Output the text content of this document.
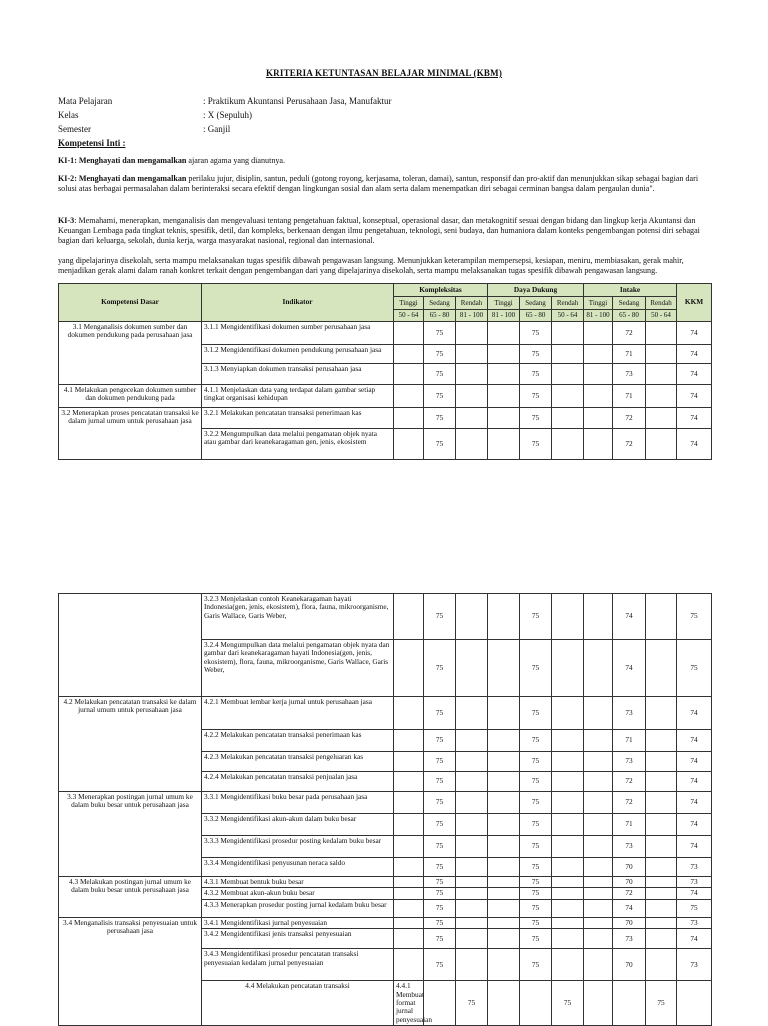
KRITERIA KETUNTASAN BELAJAR MINIMAL (KBM)
Mata Pelajaran	: Praktikum Akuntansi Perusahaan Jasa, Manufaktur
Kelas	: X (Sepuluh)
Semester	: Ganjil
Kompetensi Inti :
KI-1: Menghayati dan mengamalkan ajaran agama yang dianutnya.
KI-2: Menghayati dan mengamalkan perilaku jujur, disiplin, santun, peduli (gotong royong, kerjasama, toleran, damai), santun, responsif dan pro-aktif dan menunjukkan sikap sebagai bagian dari solusi atas berbagai permasalahan dalam berinteraksi secara efektif dengan lingkungan sosial dan alam serta dalam menempatkan diri sebagai cerminan bangsa dalam pergaulan dunia".
KI-3: Memahami, menerapkan, menganalisis dan mengevaluasi tentang pengetahuan faktual, konseptual, operasional dasar, dan metakognitif sesuai dengan bidang dan lingkup kerja Akuntansi dan Keuangan Lembaga pada tingkat teknis, spesifik, detil, dan kompleks, berkenaan dengan ilmu pengetahuan, teknologi, seni budaya, dan humaniora dalam konteks pengembangan potensi diri sebagai bagian dari keluarga, sekolah, dunia kerja, warga masyarakat nasional, regional dan internasional.
yang dipelajarinya disekolah, serta mampu melaksanakan tugas spesifik dibawah pengawasan langsung. Menunjukkan keterampilan mempersepsi, kesiapan, meniru, membiasakan, gerak mahir, menjadikan gerak alami dalam ranah konkret terkait dengan pengembangan dari yang dipelajarinya disekolah, serta mampu melaksanakan tugas spesifik dibawah pengawasan langsung.
Kompetensi Dasar	Indikator	Kompleksitas			Daya Dukung			Intake			KKM
		Tinggi	Sedang	Rendah	Tinggi	Sedang	Rendah	Tinggi	Sedang	Rendah	
		50 - 64	65 - 80	81 - 100	81 - 100	65 - 80	50 - 64	81 - 100	65 - 80	50 - 64	
3.1 Menganalisis dokumen sumber dan dokumen pendukung pada perusahaan jasa	3.1.1 Mengidentifikasi dokumen sumber perusahaan jasa		75			75			72		74
	3.1.2 Mengidentifikasi dokumen pendukung perusahaan jasa		75			75			71		74
	3.1.3 Menyiapkan dokumen transaksi perusahaan jasa		75			75			73		74
4.1 Melakukan pengecekan dokumen sumber dan dokumen pendukung pada	4.1.1 Menjelaskan data yang terdapat dalam gambar setiap tingkat organisasi kehidupan		75			75			71		74
3.2 Menerapkan proses pencatatan transaksi ke dalam jurnal umum untuk perusahaan jasa	3.2.1 Melakukan pencatatan transaksi penerimaan kas		75			75			72		74
	3.2.2 Mengumpulkan data melalui pengamatan objek nyata atau gambar dari keanekaragaman gen, jenis, ekosistem		75			75			72		74
	3.2.3 Menjelaskan contoh Keanekaragaman hayati Indonesia(gen, jenis, ekosistem), flora, fauna, mikroorganisme, Garis Wallace, Garis Weber,		75			75			74		75	
	3.2.4 Mengumpulkan data melalui pengamatan objek nyata dan gambar dari keanekaragaman hayati Indonesia(gen, jenis, ekosistem), flora, fauna, mikroorganisme, Garis Wallace, Garis Weber,		75			75			74		75	
4.2 Melakukan pencatatan transaksi ke dalam jurnal umum untuk perusahaan jasa	4.2.1 Membuat lembar kerja jurnal untuk perusahaan jasa		75			75			73		74	
	4.2.2 Melakukan pencatatan transaksi penerimaan kas		75			75			71		74	
	4.2.3 Melakukan pencatatan transaksi pengeluaran kas		75			75			73		74	
	4.2.4 Melakukan pencatatan transaksi penjualan jasa		75			75			72		74	
3.3 Menerapkan postingan jurnal umum ke dalam buku besar untuk perusahaan jasa	3.3.1 Mengidentifikasi buku besar pada perusahaan jasa		75			75			72		74	
	3.3.2 Mengidentifikasi akun-akun dalam buku besar		75			75			71		74	
	3.3.3 Mengidentifikasi prosedur posting kedalam buku besar		75			75			73		74	
	3.3.4 Mengidentifikasi penyusunan neraca saldo		75			75			70		73	
4.3 Melakukan postingan jurnal umum ke dalam buku besar untuk perusahaan jasa	4.3.1 Membuat bentuk buku besar		75			75			70		73	
	4.3.2 Membuat akun-akun buku besar		75			75			72		74	
	4.3.3 Menerapkan prosedur posting jurnal kedalam buku besar		75			75			74		75	
3.4 Menganalisis transaksi penyesuaian untuk perusahaan jasa	3.4.1 Mengidentifikasi jurnal penyesuaian		75			75			70		73	
	3.4.2 Mengidentifikasi jenis transaksi penyesuaian		75			75			73		74	
	3.4.3 Mengidentifikasi prosedur pencatatan transaksi penyesuaian kedalam jurnal penyesuaian		75			75			70		73	
	4.4 Melakukan pencatatan transaksi	4.4.1 Membuat format jurnal penyesuaian		75			75			75		
